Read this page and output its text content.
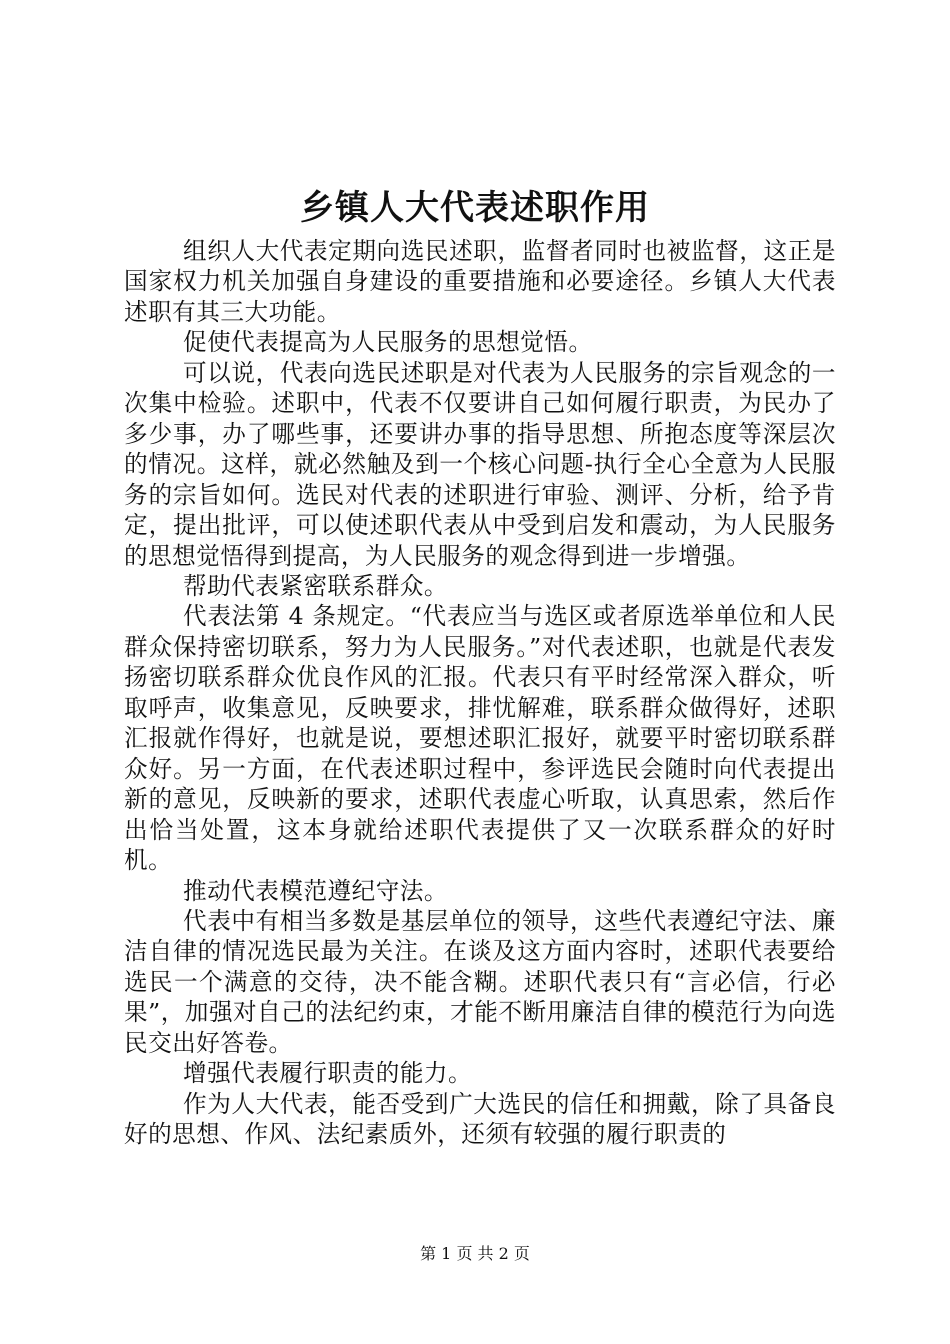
乡镇人大代表述职作用

组织人大代表定期向选民述职，监督者同时也被监督，这正是国家权力机关加强自身建设的重要措施和必要途径。乡镇人大代表述职有其三大功能。

促使代表提高为人民服务的思想觉悟。

可以说，代表向选民述职是对代表为人民服务的宗旨观念的一次集中检验。述职中，代表不仅要讲自己如何履行职责，为民办了多少事，办了哪些事，还要讲办事的指导思想、所抱态度等深层次的情况。这样，就必然触及到一个核心问题-执行全心全意为人民服务的宗旨如何。选民对代表的述职进行审验、测评、分析，给予肯定，提出批评，可以使述职代表从中受到启发和震动，为人民服务的思想觉悟得到提高，为人民服务的观念得到进一步增强。

帮助代表紧密联系群众。

代表法第 4 条规定。“代表应当与选区或者原选举单位和人民群众保持密切联系，努力为人民服务。”对代表述职，也就是代表发扬密切联系群众优良作风的汇报。代表只有平时经常深入群众，听取呼声，收集意见，反映要求，排忧解难，联系群众做得好，述职汇报就作得好，也就是说，要想述职汇报好，就要平时密切联系群众好。另一方面，在代表述职过程中，参评选民会随时向代表提出新的意见，反映新的要求，述职代表虚心听取，认真思索，然后作出恰当处置，这本身就给述职代表提供了又一次联系群众的好时机。

推动代表模范遵纪守法。

代表中有相当多数是基层单位的领导，这些代表遵纪守法、廉洁自律的情况选民最为关注。在谈及这方面内容时，述职代表要给选民一个满意的交待，决不能含糊。述职代表只有“言必信，行必果”，加强对自己的法纪约束，才能不断用廉洁自律的模范行为向选民交出好答卷。

增强代表履行职责的能力。

作为人大代表，能否受到广大选民的信任和拥戴，除了具备良好的思想、作风、法纪素质外，还须有较强的履行职责的

第 1 页 共 2 页
